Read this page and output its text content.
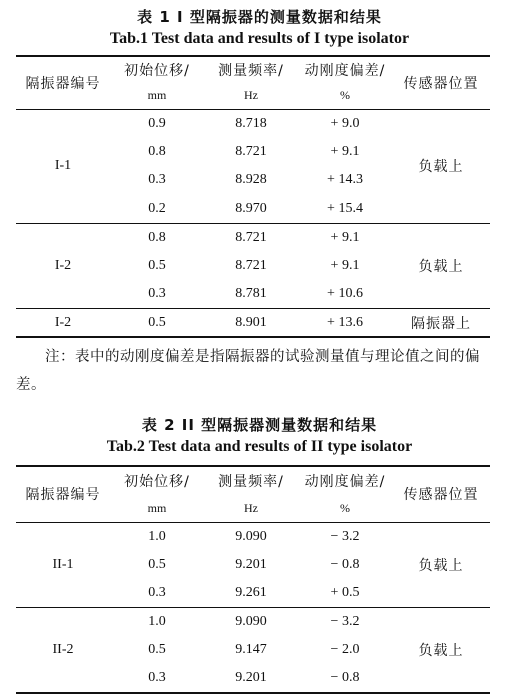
表 1 I 型隔振器的测量数据和结果
Tab.1 Test data and results of I type isolator
隔振器编号	初始位移/	测量频率/	动刚度偏差/	传感器位置
	mm	Hz	%	
I-1	0.9	8.718	+ 9.0	负载上
	0.8	8.721	+ 9.1	
	0.3	8.928	+ 14.3	
	0.2	8.970	+ 15.4	
I-2	0.8	8.721	+ 9.1	负载上
	0.5	8.721	+ 9.1	
	0.3	8.781	+ 10.6	
I-2	0.5	8.901	+ 13.6	隔振器上
注：表中的动刚度偏差是指隔振器的试验测量值与理论值之间的偏差。
表 2 II 型隔振器测量数据和结果
Tab.2 Test data and results of II type isolator
隔振器编号	初始位移/	测量频率/	动刚度偏差/	传感器位置
	mm	Hz	%	
II-1	1.0	9.090	− 3.2	负载上
	0.5	9.201	− 0.8	
	0.3	9.261	+ 0.5	
II-2	1.0	9.090	− 3.2	负载上
	0.5	9.147	− 2.0	
	0.3	9.201	− 0.8	
